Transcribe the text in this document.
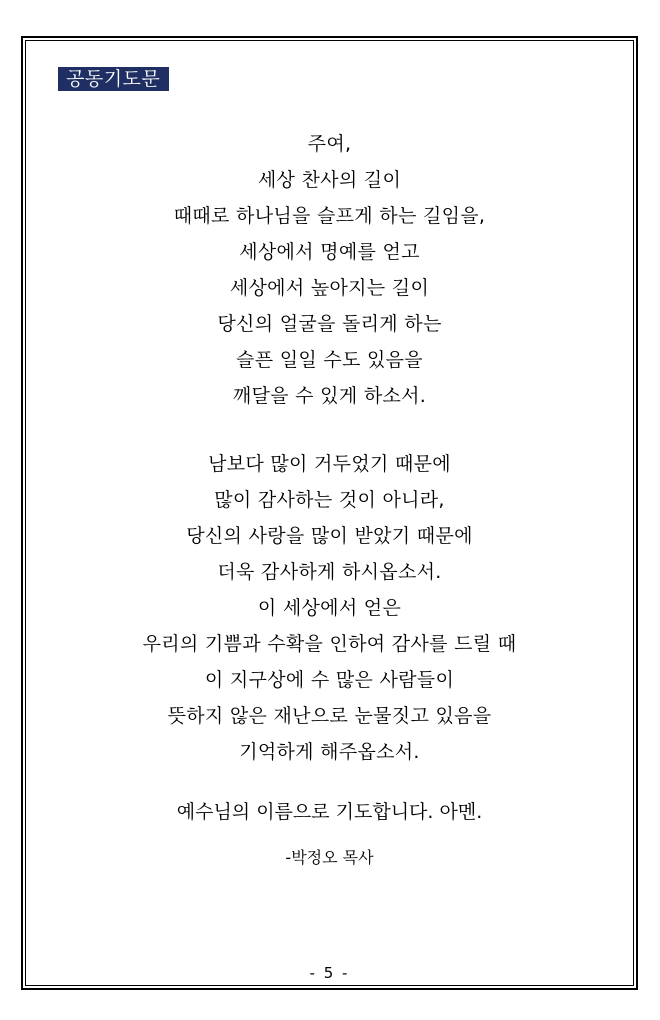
공동기도문
주여,
세상 찬사의 길이
때때로 하나님을 슬프게 하는 길임을,
세상에서 명예를 얻고
세상에서 높아지는 길이
당신의 얼굴을 돌리게 하는
슬픈 일일 수도 있음을
깨달을 수 있게 하소서.
남보다 많이 거두었기 때문에
많이 감사하는 것이 아니라,
당신의 사랑을 많이 받았기 때문에
더욱 감사하게 하시옵소서.
이 세상에서 얻은
우리의 기쁨과 수확을 인하여 감사를 드릴 때
이 지구상에 수 많은 사람들이
뜻하지 않은 재난으로 눈물짓고 있음을
기억하게 해주옵소서.
예수님의 이름으로 기도합니다. 아멘.
-박정오 목사
- 5 -
